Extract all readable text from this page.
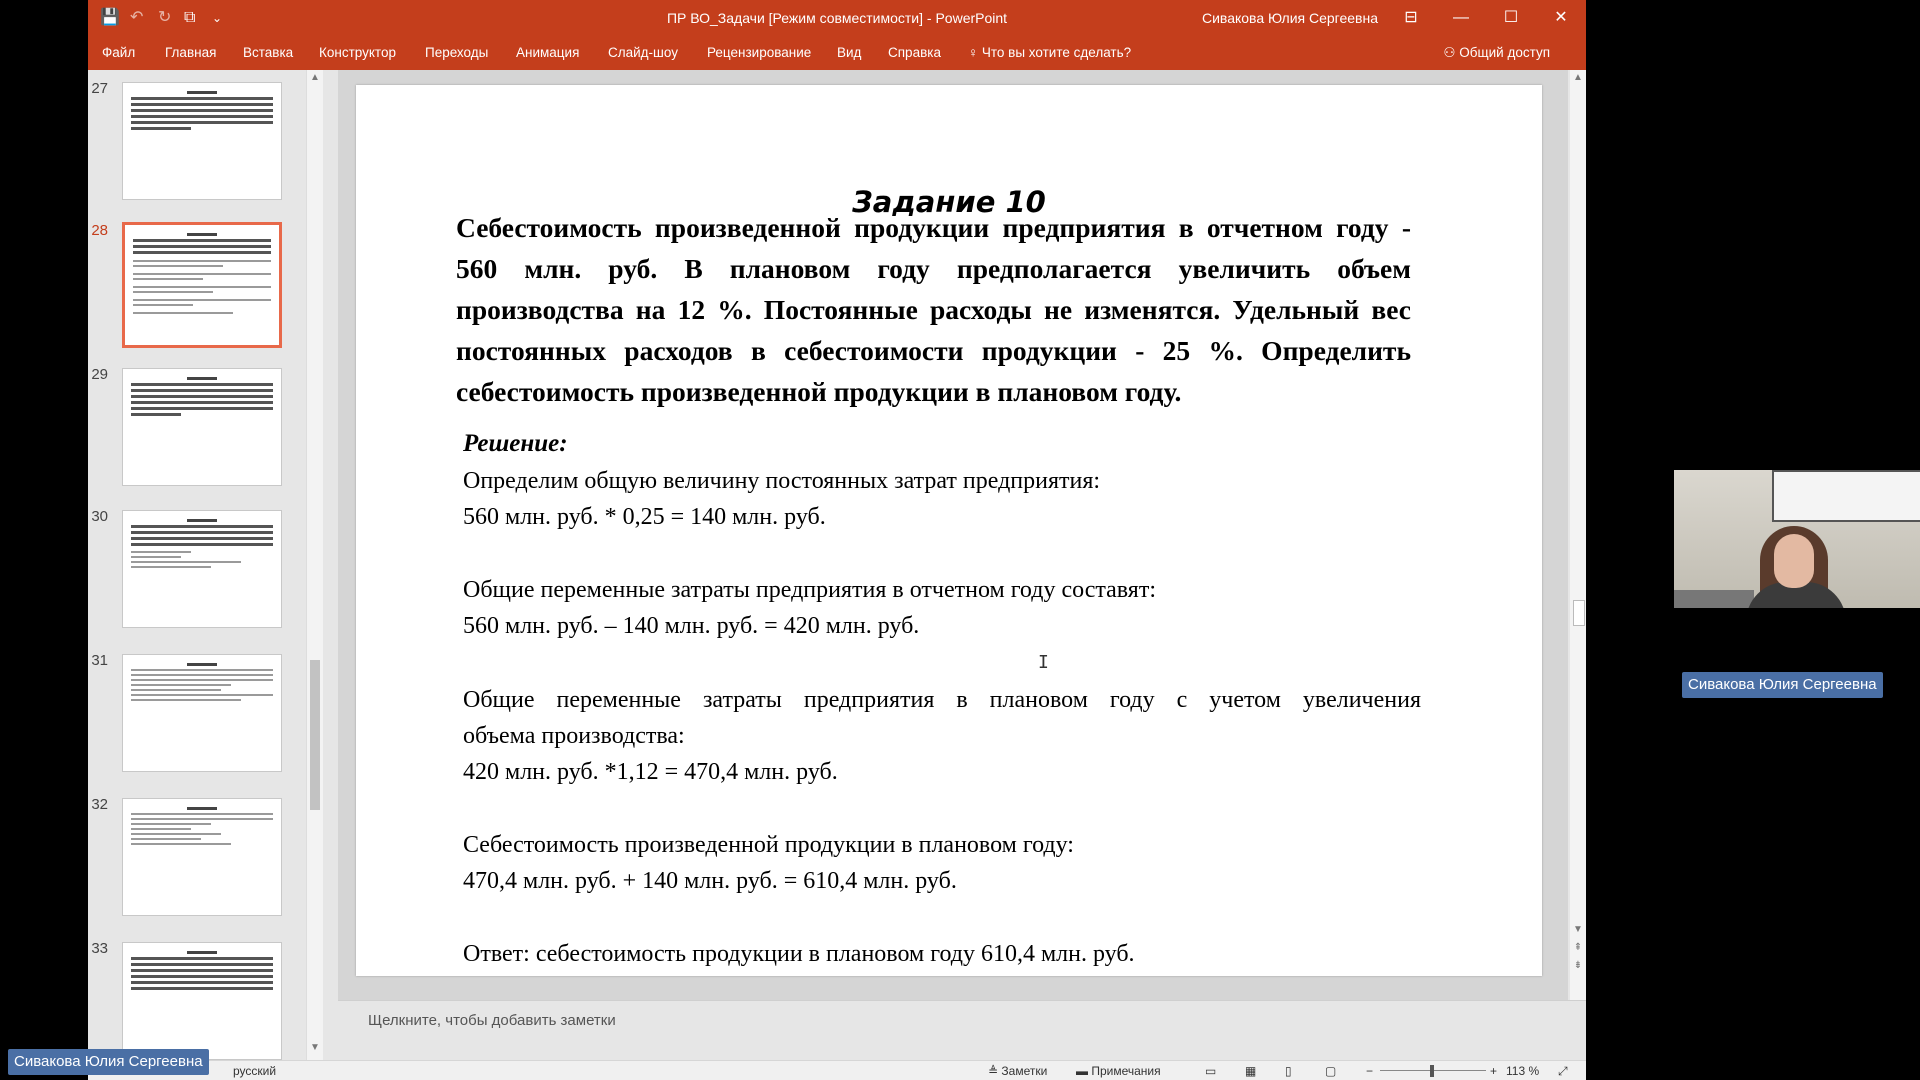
ПР ВО_Задачи [Режим совместимости] - PowerPoint
💾 ↶ ↻ ⧉ ⌄	Сивакова Юлия Сергеевна	⊟	—	☐	✕
Файл Главная Вставка Конструктор Переходы Анимация Слайд-шоу Рецензирование Вид Справка ♀ Что вы хотите сделать?	⚇ Общий доступ
27
28
29
30
31
32
33
▲
▼
Задание 10
Себестоимость произведенной продукции предприятия в отчетном году - 560 млн. руб. В плановом году предполагается увеличить объем производства на 12 %. Постоянные расходы не изменятся. Удельный вес постоянных расходов в себестоимости продукции - 25 %. Определить себестоимость произведенной продукции в плановом году.
Решение:
Определим общую величину постоянных затрат предприятия:
560 млн. руб. * 0,25 = 140 млн. руб.
Общие переменные затраты предприятия в отчетном году составят:
560 млн. руб. – 140 млн. руб. = 420 млн. руб.
Общие переменные затраты предприятия в плановом году с учетом увеличения
объема производства:
420 млн. руб. *1,12 = 470,4 млн. руб.
Себестоимость произведенной продукции в плановом году:
470,4 млн. руб. + 140 млн. руб. = 610,4 млн. руб.
Ответ: себестоимость продукции в плановом году 610,4 млн. руб.
▲
▼
⇞
⇟
Щелкните, чтобы добавить заметки
русский	≜ Заметки ▬ Примечания	▭ ▦ ▯	▢ −	+ 113 % ⤢
I
Сивакова Юлия Сергеевна
Сивакова Юлия Сергеевна
